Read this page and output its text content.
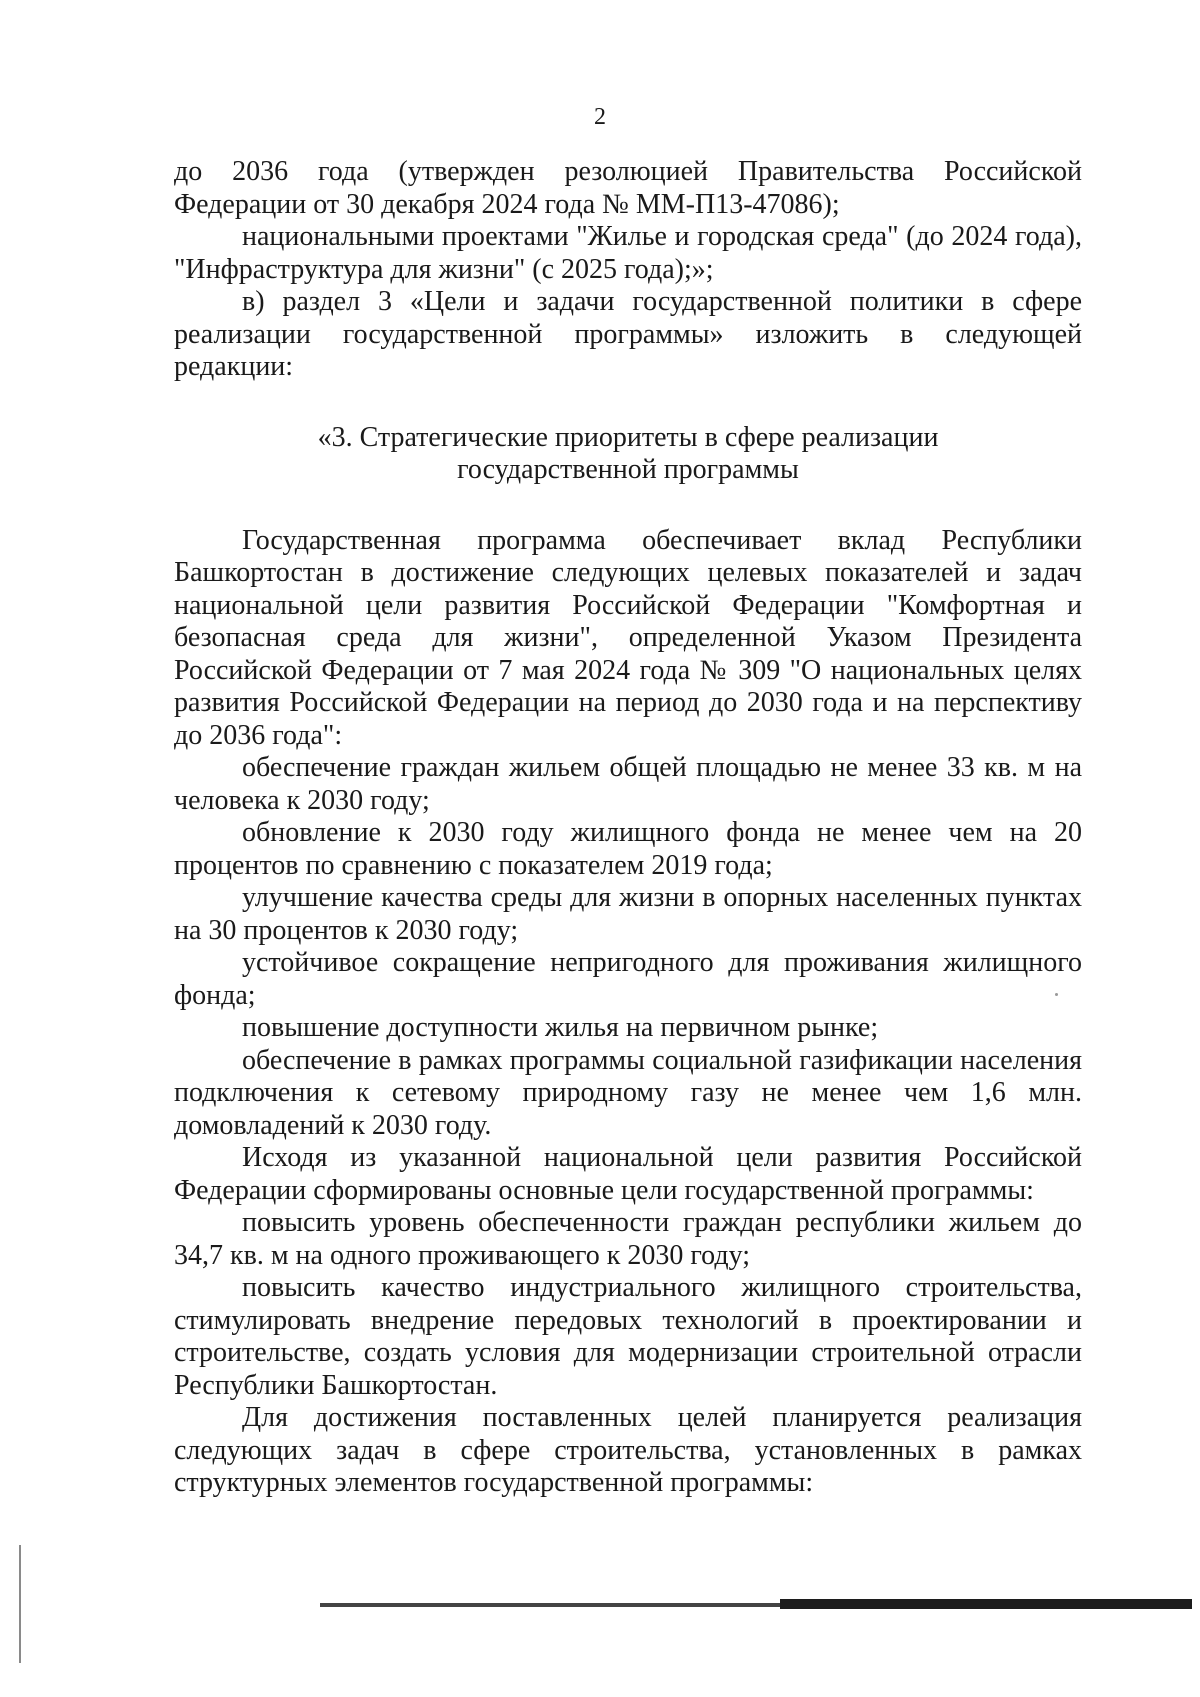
2

до 2036 года (утвержден резолюцией Правительства Российской Федерации от 30 декабря 2024 года № ММ-П13-47086);

национальными проектами "Жилье и городская среда" (до 2024 года), "Инфраструктура для жизни" (с 2025 года);»;

в) раздел 3 «Цели и задачи государственной политики в сфере реализации государственной программы» изложить в следующей редакции:

«3. Стратегические приоритеты в сфере реализации
государственной программы

Государственная программа обеспечивает вклад Республики Башкортостан в достижение следующих целевых показателей и задач национальной цели развития Российской Федерации "Комфортная и безопасная среда для жизни", определенной Указом Президента Российской Федерации от 7 мая 2024 года № 309 "О национальных целях развития Российской Федерации на период до 2030 года и на перспективу до 2036 года":

обеспечение граждан жильем общей площадью не менее 33 кв. м на человека к 2030 году;

обновление к 2030 году жилищного фонда не менее чем на 20 процентов по сравнению с показателем 2019 года;

улучшение качества среды для жизни в опорных населенных пунктах на 30 процентов к 2030 году;

устойчивое сокращение непригодного для проживания жилищного фонда;

повышение доступности жилья на первичном рынке;

обеспечение в рамках программы социальной газификации населения подключения к сетевому природному газу не менее чем 1,6 млн. домовладений к 2030 году.

Исходя из указанной национальной цели развития Российской Федерации сформированы основные цели государственной программы:

повысить уровень обеспеченности граждан республики жильем до 34,7 кв. м на одного проживающего к 2030 году;

повысить качество индустриального жилищного строительства, стимулировать внедрение передовых технологий в проектировании и строительстве, создать условия для модернизации строительной отрасли Республики Башкортостан.

Для достижения поставленных целей планируется реализация следующих задач в сфере строительства, установленных в рамках структурных элементов государственной программы:
